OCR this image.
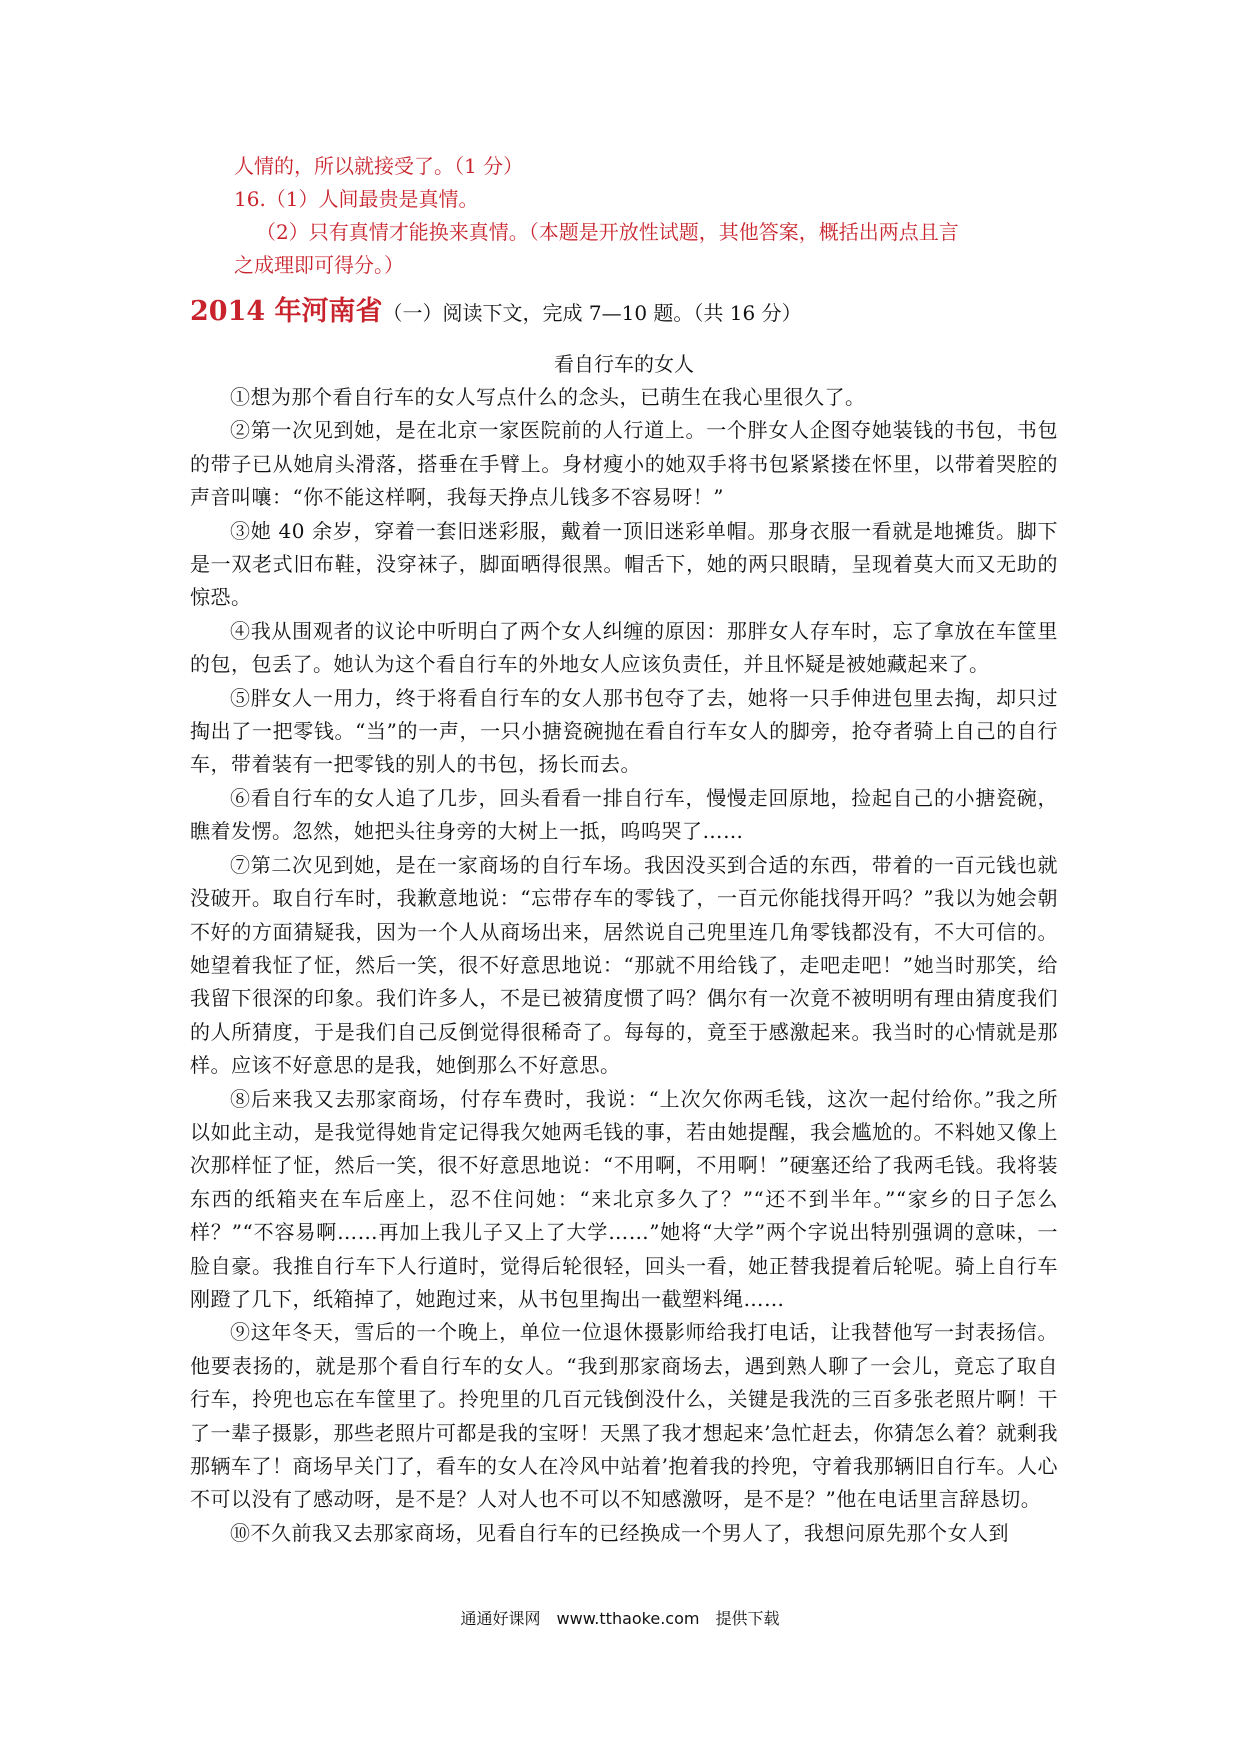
人情的，所以就接受了。（1 分）

16.（1）人间最贵是真情。

（2）只有真情才能换来真情。（本题是开放性试题，其他答案，概括出两点且言

之成理即可得分。）

2014 年河南省（一）阅读下文，完成 7—10 题。（共 16 分）

看自行车的女人

①想为那个看自行车的女人写点什么的念头，已萌生在我心里很久了。

②第一次见到她，是在北京一家医院前的人行道上。一个胖女人企图夺她装钱的书包，书包的带子已从她肩头滑落，搭垂在手臂上。身材瘦小的她双手将书包紧紧搂在怀里，以带着哭腔的声音叫嚷：“你不能这样啊，我每天挣点儿钱多不容易呀！”

③她 40 余岁，穿着一套旧迷彩服，戴着一顶旧迷彩单帽。那身衣服一看就是地摊货。脚下是一双老式旧布鞋，没穿袜子，脚面晒得很黑。帽舌下，她的两只眼睛，呈现着莫大而又无助的惊恐。

④我从围观者的议论中听明白了两个女人纠缠的原因：那胖女人存车时，忘了拿放在车筐里的包，包丢了。她认为这个看自行车的外地女人应该负责任，并且怀疑是被她藏起来了。

⑤胖女人一用力，终于将看自行车的女人那书包夺了去，她将一只手伸进包里去掏，却只过掏出了一把零钱。“当”的一声，一只小搪瓷碗抛在看自行车女人的脚旁，抢夺者骑上自己的自行车，带着装有一把零钱的别人的书包，扬长而去。

⑥看自行车的女人追了几步，回头看看一排自行车，慢慢走回原地，捡起自己的小搪瓷碗，瞧着发愣。忽然，她把头往身旁的大树上一抵，呜呜哭了……

⑦第二次见到她，是在一家商场的自行车场。我因没买到合适的东西，带着的一百元钱也就没破开。取自行车时，我歉意地说：“忘带存车的零钱了，一百元你能找得开吗？”我以为她会朝不好的方面猜疑我，因为一个人从商场出来，居然说自己兜里连几角零钱都没有，不大可信的。她望着我怔了怔，然后一笑，很不好意思地说：“那就不用给钱了，走吧走吧！”她当时那笑，给我留下很深的印象。我们许多人，不是已被猜度惯了吗？偶尔有一次竟不被明明有理由猜度我们的人所猜度，于是我们自己反倒觉得很稀奇了。每每的，竟至于感激起来。我当时的心情就是那样。应该不好意思的是我，她倒那么不好意思。

⑧后来我又去那家商场，付存车费时，我说：“上次欠你两毛钱，这次一起付给你。”我之所以如此主动，是我觉得她肯定记得我欠她两毛钱的事，若由她提醒，我会尴尬的。不料她又像上次那样怔了怔，然后一笑，很不好意思地说：“不用啊，不用啊！”硬塞还给了我两毛钱。我将装东西的纸箱夹在车后座上，忍不住问她：“来北京多久了？”“还不到半年。”“家乡的日子怎么样？”“不容易啊……再加上我儿子又上了大学……”她将“大学”两个字说出特别强调的意味，一脸自豪。我推自行车下人行道时，觉得后轮很轻，回头一看，她正替我提着后轮呢。骑上自行车刚蹬了几下，纸箱掉了，她跑过来，从书包里掏出一截塑料绳……

⑨这年冬天，雪后的一个晚上，单位一位退休摄影师给我打电话，让我替他写一封表扬信。他要表扬的，就是那个看自行车的女人。“我到那家商场去，遇到熟人聊了一会儿，竟忘了取自行车，拎兜也忘在车筐里了。拎兜里的几百元钱倒没什么，关键是我洗的三百多张老照片啊！干了一辈子摄影，那些老照片可都是我的宝呀！天黑了我才想起来’急忙赶去，你猜怎么着？就剩我那辆车了！商场早关门了，看车的女人在冷风中站着’抱着我的拎兜，守着我那辆旧自行车。人心不可以没有了感动呀，是不是？人对人也不可以不知感激呀，是不是？”他在电话里言辞恳切。

⑩不久前我又去那家商场，见看自行车的已经换成一个男人了，我想问原先那个女人到

通通好课网　www.tthaoke.com　提供下载
